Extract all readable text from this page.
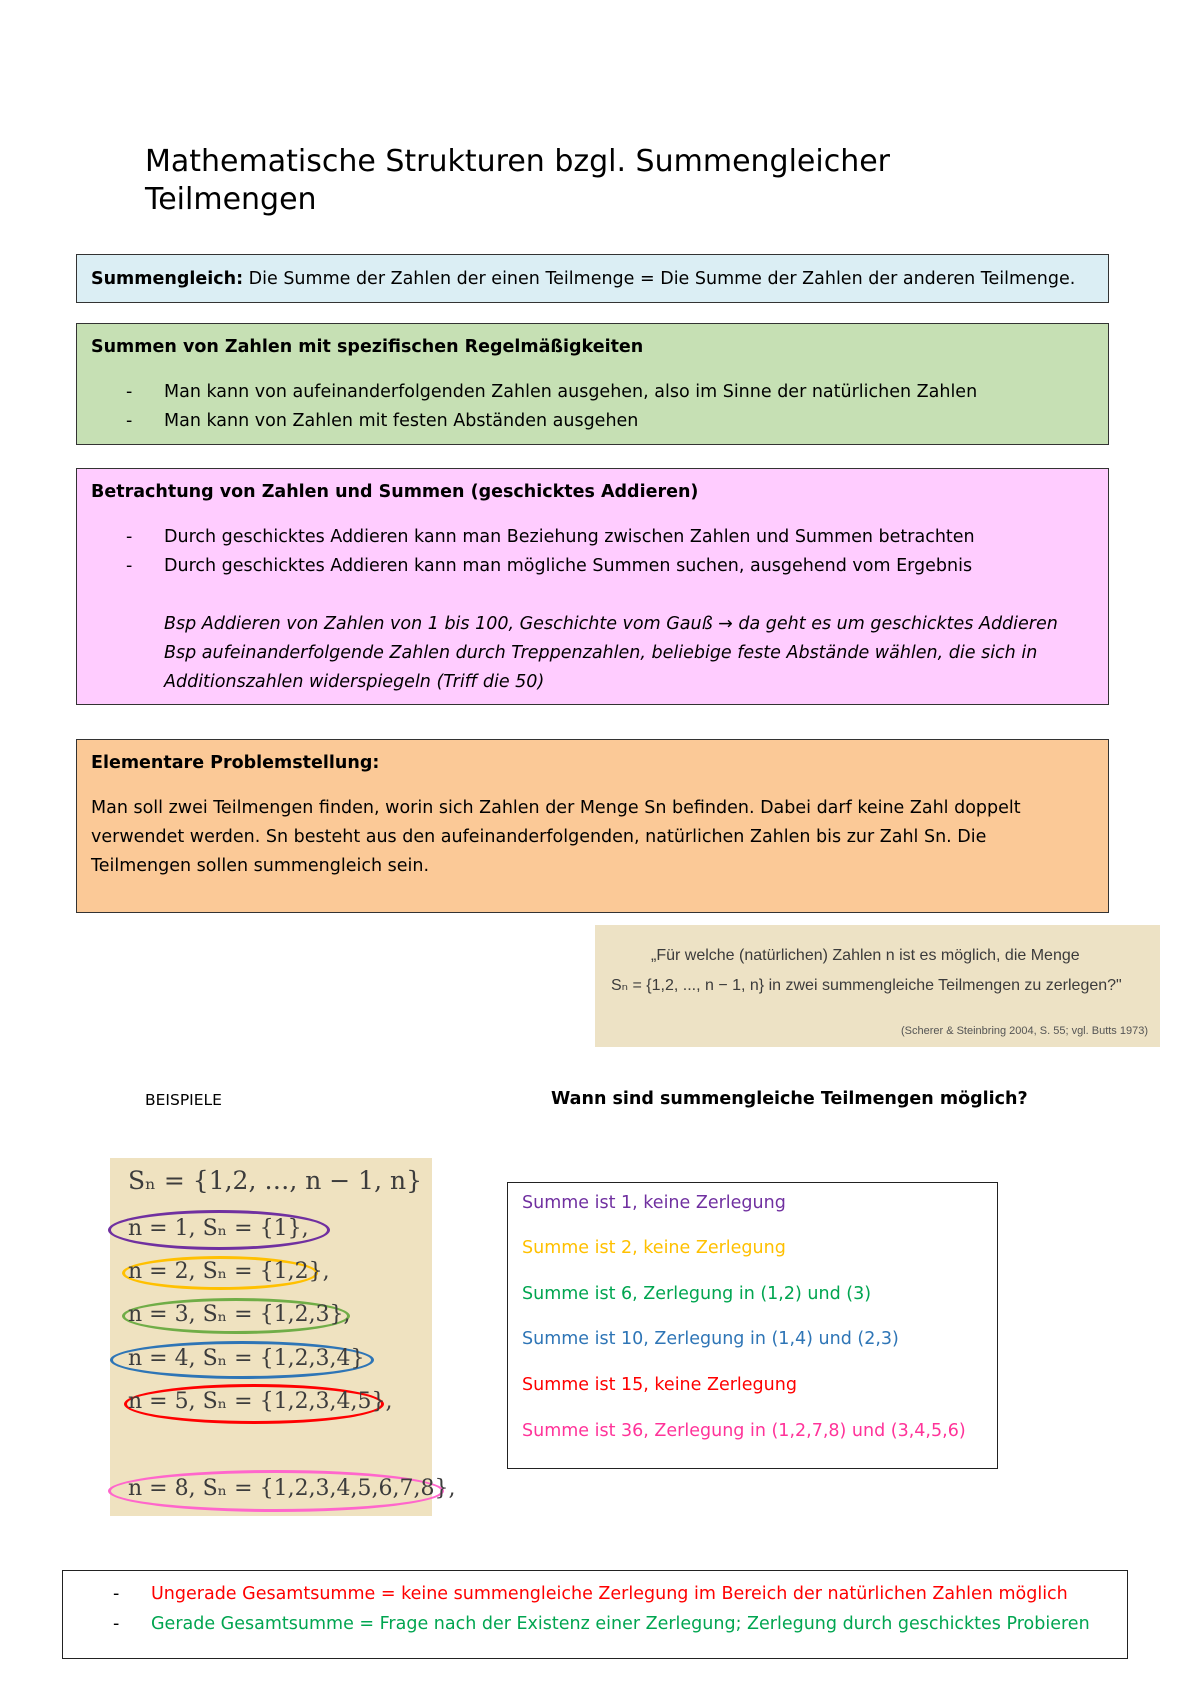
Mathematische Strukturen bzgl. Summengleicher Teilmengen
Summengleich: Die Summe der Zahlen der einen Teilmenge = Die Summe der Zahlen der anderen Teilmenge.
Summen von Zahlen mit spezifischen Regelmäßigkeiten
- Man kann von aufeinanderfolgenden Zahlen ausgehen, also im Sinne der natürlichen Zahlen
- Man kann von Zahlen mit festen Abständen ausgehen
Betrachtung von Zahlen und Summen (geschicktes Addieren)
- Durch geschicktes Addieren kann man Beziehung zwischen Zahlen und Summen betrachten
- Durch geschicktes Addieren kann man mögliche Summen suchen, ausgehend vom Ergebnis
Bsp Addieren von Zahlen von 1 bis 100, Geschichte vom Gauß → da geht es um geschicktes Addieren
Bsp aufeinanderfolgende Zahlen durch Treppenzahlen, beliebige feste Abstände wählen, die sich in
Additionszahlen widerspiegeln (Triff die 50)
Elementare Problemstellung:
Man soll zwei Teilmengen finden, worin sich Zahlen der Menge Sn befinden. Dabei darf keine Zahl doppelt
verwendet werden. Sn besteht aus den aufeinanderfolgenden, natürlichen Zahlen bis zur Zahl Sn. Die
Teilmengen sollen summengleich sein.
„Für welche (natürlichen) Zahlen n ist es möglich, die Menge
Sₙ = {1,2, ..., n − 1, n} in zwei summengleiche Teilmengen zu zerlegen?"
(Scherer & Steinbring 2004, S. 55; vgl. Butts 1973)
BEISPIELE	Wann sind summengleiche Teilmengen möglich?
Sₙ = {1,2, …, n − 1, n}
n = 1, Sₙ = {1},
n = 2, Sₙ = {1,2},
n = 3, Sₙ = {1,2,3},
n = 4, Sₙ = {1,2,3,4}
n = 5, Sₙ = {1,2,3,4,5},
n = 8, Sₙ = {1,2,3,4,5,6,7,8},
Summe ist 1, keine Zerlegung
Summe ist 2, keine Zerlegung
Summe ist 6, Zerlegung in (1,2) und (3)
Summe ist 10, Zerlegung in (1,4) und (2,3)
Summe ist 15, keine Zerlegung
Summe ist 36, Zerlegung in (1,2,7,8) und (3,4,5,6)
- Ungerade Gesamtsumme = keine summengleiche Zerlegung im Bereich der natürlichen Zahlen möglich
- Gerade Gesamtsumme = Frage nach der Existenz einer Zerlegung; Zerlegung durch geschicktes Probieren
